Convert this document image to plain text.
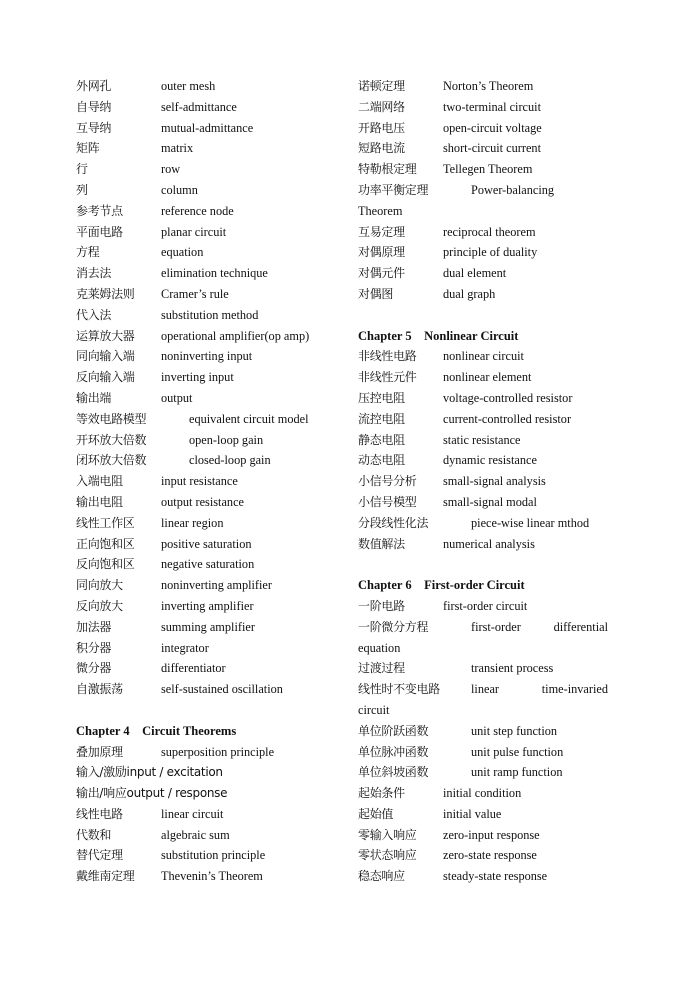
外网孔	outer mesh
自导纳	self-admittance
互导纳	mutual-admittance
矩阵	matrix
行	row
列	column
参考节点	reference node
平面电路	planar circuit
方程	equation
消去法	elimination technique
克莱姆法则 Cramer’s rule
代入法	substitution method
运算放大器 operational amplifier(op amp)
同向输入端 noninverting input
反向输入端 inverting input
输出端	output
等效电路模型	equivalent circuit model
开环放大倍数	open-loop gain
闭环放大倍数	closed-loop gain
入端电阻	input resistance
输出电阻	output resistance
线性工作区 linear region
正向饱和区 positive saturation
反向饱和区 negative saturation
同向放大	noninverting amplifier
反向放大	inverting amplifier
加法器	summing amplifier
积分器	integrator
微分器	differentiator
自激振荡	self-sustained oscillation
Chapter 4    Circuit Theorems
叠加原理	superposition principle
输入/激励input / excitation
输出/响应output / response
线性电路	linear circuit
代数和	algebraic sum
替代定理	substitution principle
戴维南定理 Thevenin’s Theorem
诺顿定理	Norton’s Theorem
二端网络	two-terminal circuit
开路电压	open-circuit voltage
短路电流	short-circuit current
特勒根定理 Tellegen Theorem
功率平衡定理	Power-balancing
Theorem
互易定理	reciprocal theorem
对偶原理	principle of duality
对偶元件	dual element
对偶图	dual graph
Chapter 5    Nonlinear Circuit
非线性电路 nonlinear circuit
非线性元件 nonlinear element
压控电阻	voltage-controlled resistor
流控电阻	current-controlled resistor
静态电阻	static resistance
动态电阻	dynamic resistance
小信号分析 small-signal analysis
小信号模型 small-signal modal
分段线性化法	piece-wise linear mthod
数值解法	numerical analysis
Chapter 6    First-order Circuit
一阶电路	first-order circuit
一阶微分方程	first-order	differential
equation
过渡过程	transient process
线性时不变电路	linear	time-invaried
circuit
单位阶跃函数	unit step function
单位脉冲函数	unit pulse function
单位斜坡函数	unit ramp function
起始条件	initial condition
起始值	initial value
零输入响应 zero-input response
零状态响应 zero-state response
稳态响应	steady-state response
